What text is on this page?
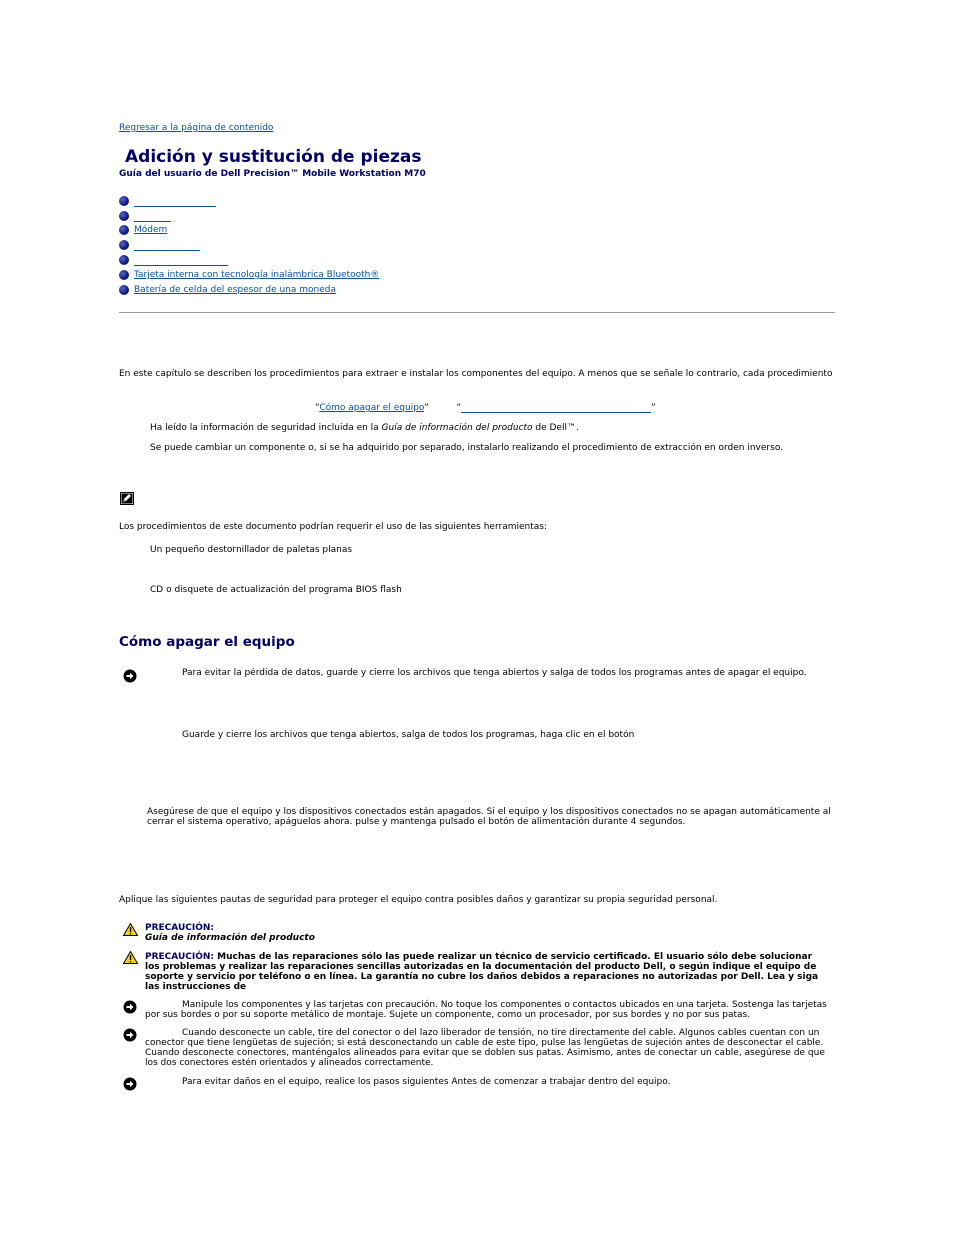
Regresar a la página de contenido
Adición y sustitución de piezas
Guía del usuario de Dell Precision™ Mobile Workstation M70
Módem
Tarjeta interna con tecnología inalámbrica Bluetooth®
Batería de celda del espesor de una moneda
En este capítulo se describen los procedimientos para extraer e instalar los componentes del equipo. A menos que se señale lo contrario, cada procedimiento
“Cómo apagar el equipo”	“	”
Ha leído la información de seguridad incluida en la Guía de información del producto de Dell™.
Se puede cambiar un componente o, si se ha adquirido por separado, instalarlo realizando el procedimiento de extracción en orden inverso.
Los procedimientos de este documento podrían requerir el uso de las siguientes herramientas:
Un pequeño destornillador de paletas planas
CD o disquete de actualización del programa BIOS flash
Cómo apagar el equipo
Para evitar la pérdida de datos, guarde y cierre los archivos que tenga abiertos y salga de todos los programas antes de apagar el equipo.
Guarde y cierre los archivos que tenga abiertos, salga de todos los programas, haga clic en el botón
Asegúrese de que el equipo y los dispositivos conectados están apagados. Si el equipo y los dispositivos conectados no se apagan automáticamente al cerrar el sistema operativo, apáguelos ahora. pulse y mantenga pulsado el botón de alimentación durante 4 segundos.
Aplique las siguientes pautas de seguridad para proteger el equipo contra posibles daños y garantizar su propia seguridad personal.
PRECAUCIÓN:
Guía de información del producto
PRECAUCIÓN: Muchas de las reparaciones sólo las puede realizar un técnico de servicio certificado. El usuario sólo debe solucionar los problemas y realizar las reparaciones sencillas autorizadas en la documentación del producto Dell, o según indique el equipo de soporte y servicio por teléfono o en línea. La garantía no cubre los daños debidos a reparaciones no autorizadas por Dell. Lea y siga las instrucciones de
Manipule los componentes y las tarjetas con precaución. No toque los componentes o contactos ubicados en una tarjeta. Sostenga las tarjetas por sus bordes o por su soporte metálico de montaje. Sujete un componente, como un procesador, por sus bordes y no por sus patas.
Cuando desconecte un cable, tire del conector o del lazo liberador de tensión, no tire directamente del cable. Algunos cables cuentan con un conector que tiene lengüetas de sujeción; si está desconectando un cable de este tipo, pulse las lengüetas de sujeción antes de desconectar el cable. Cuando desconecte conectores, manténgalos alineados para evitar que se doblen sus patas. Asimismo, antes de conectar un cable, asegúrese de que los dos conectores estén orientados y alineados correctamente.
Para evitar daños en el equipo, realice los pasos siguientes Antes de comenzar a trabajar dentro del equipo.
